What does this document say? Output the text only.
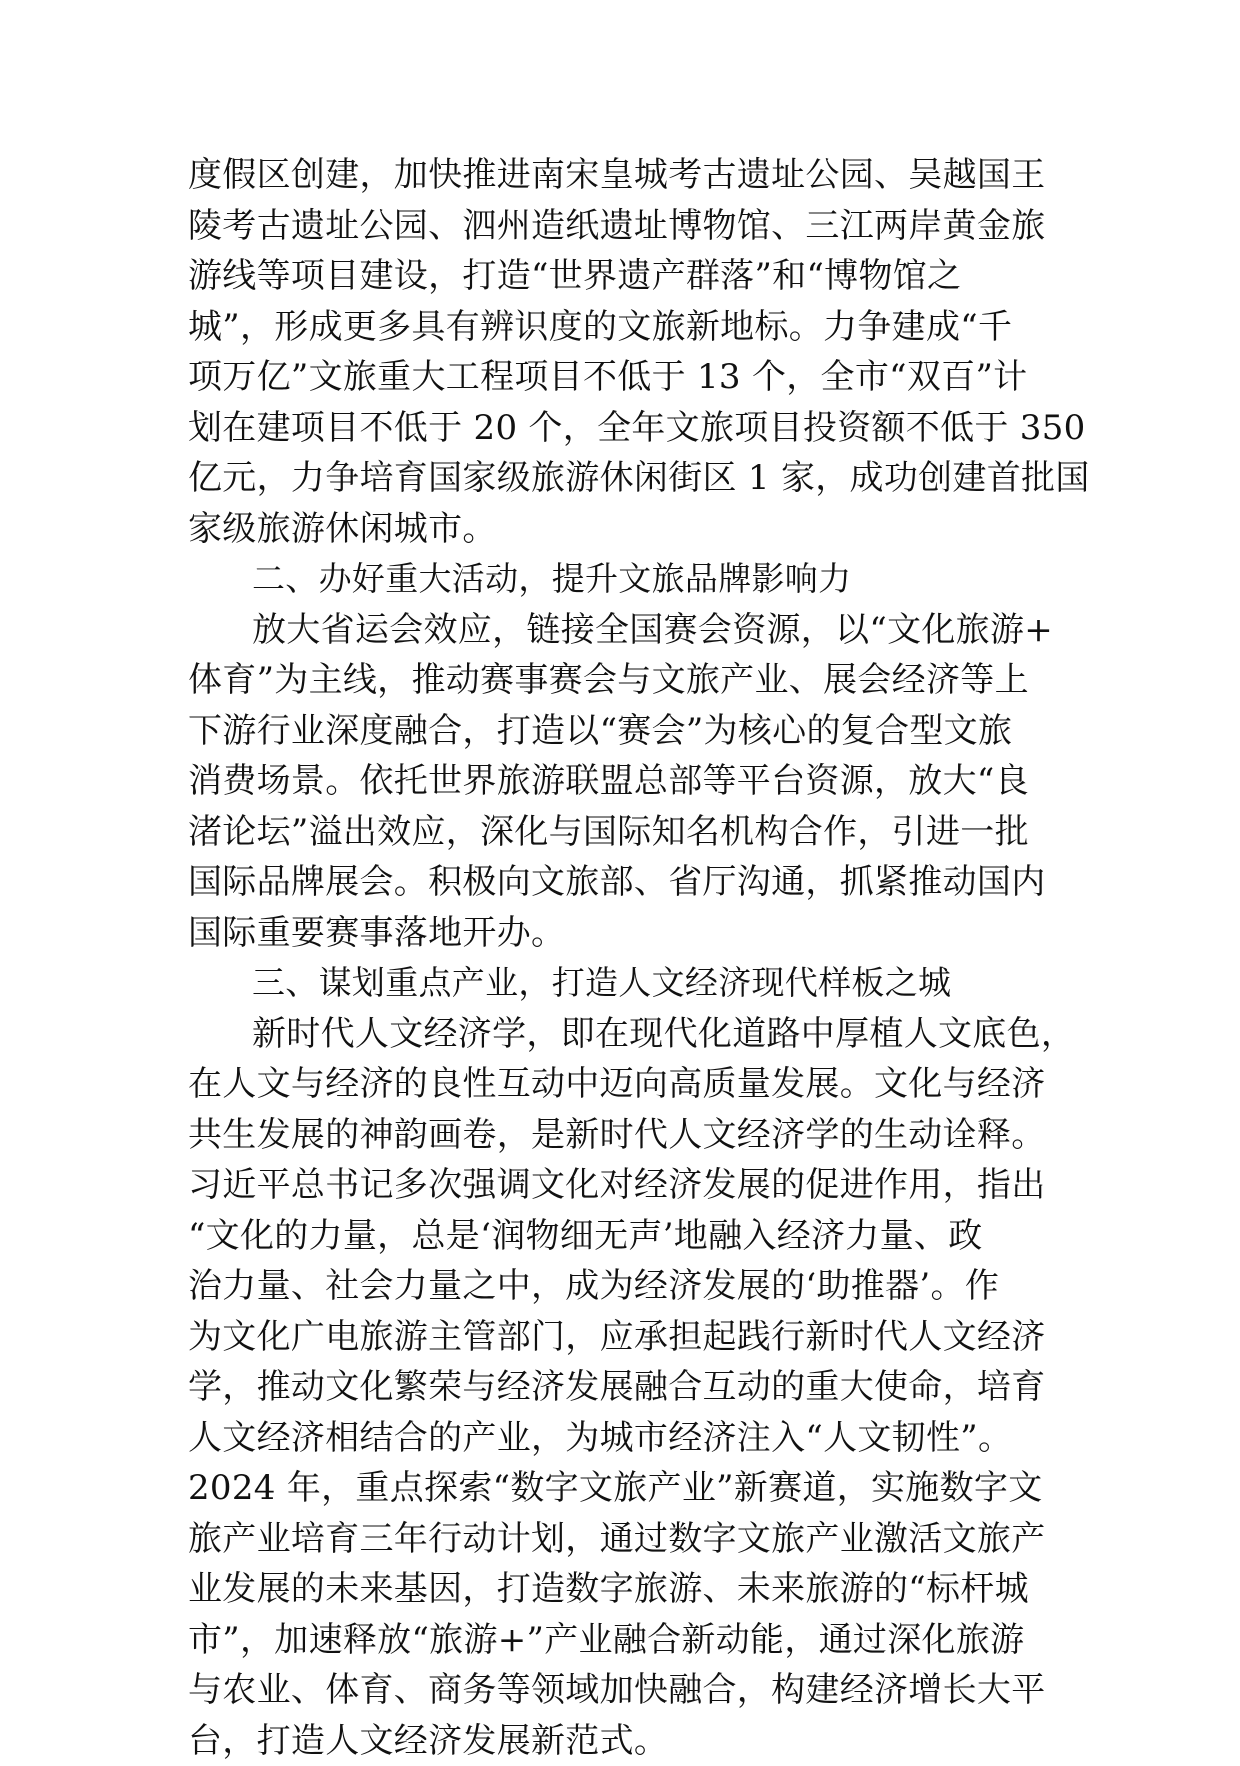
度假区创建，加快推进南宋皇城考古遗址公园、吴越国王
陵考古遗址公园、泗州造纸遗址博物馆、三江两岸黄金旅
游线等项目建设，打造“世界遗产群落”和“博物馆之
城”，形成更多具有辨识度的文旅新地标。力争建成“千
项万亿”文旅重大工程项目不低于 13 个，全市“双百”计
划在建项目不低于 20 个，全年文旅项目投资额不低于 350
亿元，力争培育国家级旅游休闲街区 1 家，成功创建首批国
家级旅游休闲城市。
二、办好重大活动，提升文旅品牌影响力
放大省运会效应，链接全国赛会资源，以“文化旅游+
体育”为主线，推动赛事赛会与文旅产业、展会经济等上
下游行业深度融合，打造以“赛会”为核心的复合型文旅
消费场景。依托世界旅游联盟总部等平台资源，放大“良
渚论坛”溢出效应，深化与国际知名机构合作，引进一批
国际品牌展会。积极向文旅部、省厅沟通，抓紧推动国内
国际重要赛事落地开办。
三、谋划重点产业，打造人文经济现代样板之城
新时代人文经济学，即在现代化道路中厚植人文底色，
在人文与经济的良性互动中迈向高质量发展。文化与经济
共生发展的神韵画卷，是新时代人文经济学的生动诠释。
习近平总书记多次强调文化对经济发展的促进作用，指出
“文化的力量，总是‘润物细无声’地融入经济力量、政
治力量、社会力量之中，成为经济发展的‘助推器’。作
为文化广电旅游主管部门，应承担起践行新时代人文经济
学，推动文化繁荣与经济发展融合互动的重大使命，培育
人文经济相结合的产业，为城市经济注入“人文韧性”。
2024 年，重点探索“数字文旅产业”新赛道，实施数字文
旅产业培育三年行动计划，通过数字文旅产业激活文旅产
业发展的未来基因，打造数字旅游、未来旅游的“标杆城
市”，加速释放“旅游+”产业融合新动能，通过深化旅游
与农业、体育、商务等领域加快融合，构建经济增长大平
台，打造人文经济发展新范式。
